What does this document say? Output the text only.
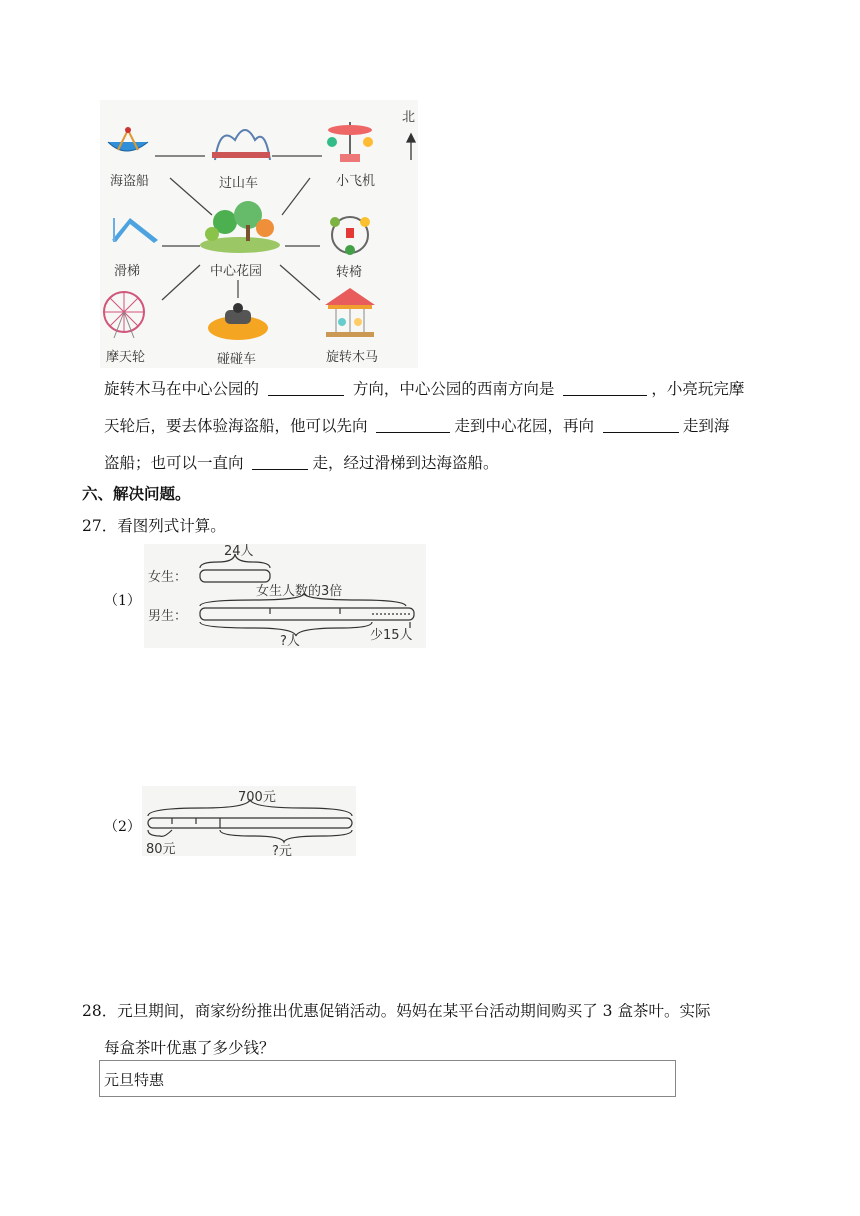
海盗船	过山车	小飞机
滑梯	中心花园	转椅
摩天轮	碰碰车	旋转木马
北
旋转木马在中心公园的	方向，中心公园的西南方向是	，小亮玩完摩
天轮后，要去体验海盗船，他可以先向	走到中心花园，再向	走到海
盗船；也可以一直向	走，经过滑梯到达海盗船。
六、解决问题。
27．看图列式计算。
（1）
女生：
男生：
24人
女生人数的3倍
?人	少15人
（2）
700元
80元	?元
28．元旦期间，商家纷纷推出优惠促销活动。妈妈在某平台活动期间购买了 3 盒茶叶。实际
每盒茶叶优惠了多少钱？
元旦特惠
